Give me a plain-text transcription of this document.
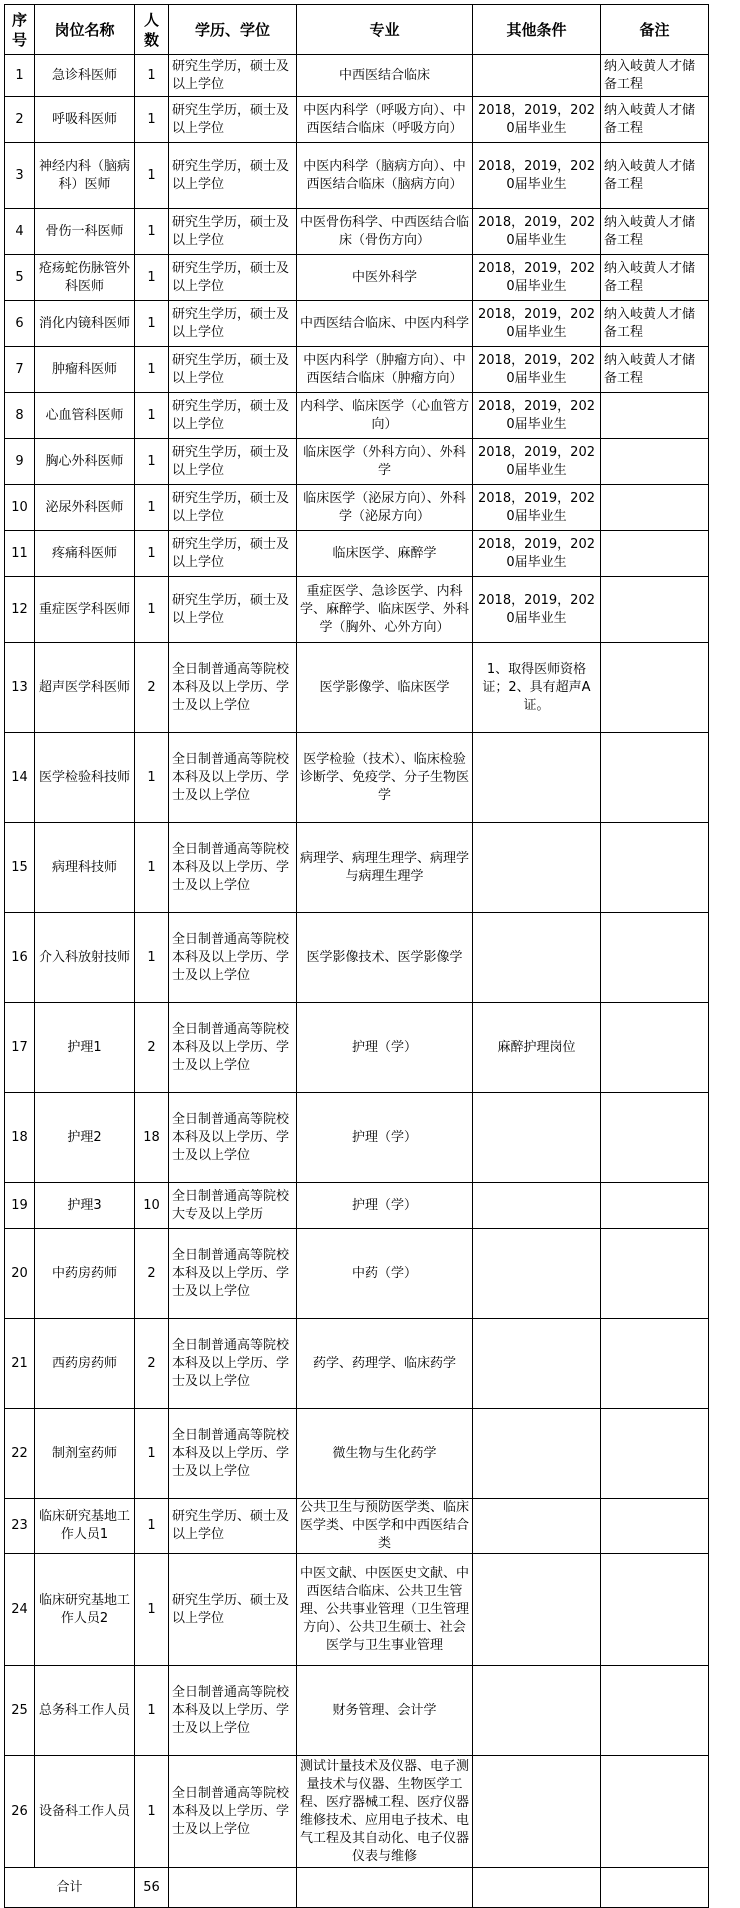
序号	岗位名称	人数	学历、学位	专业	其他条件	备注
1	急诊科医师	1	研究生学历，硕士及以上学位	中西医结合临床		纳入岐黄人才储备工程
2	呼吸科医师	1	研究生学历，硕士及以上学位	中医内科学（呼吸方向）、中西医结合临床（呼吸方向）	2018，2019，2020届毕业生	纳入岐黄人才储备工程
3	神经内科（脑病科）医师	1	研究生学历，硕士及以上学位	中医内科学（脑病方向）、中西医结合临床（脑病方向）	2018，2019，2020届毕业生	纳入岐黄人才储备工程
4	骨伤一科医师	1	研究生学历，硕士及以上学位	中医骨伤科学、中西医结合临床（骨伤方向）	2018，2019，2020届毕业生	纳入岐黄人才储备工程
5	疮疡蛇伤脉管外科医师	1	研究生学历，硕士及以上学位	中医外科学	2018，2019，2020届毕业生	纳入岐黄人才储备工程
6	消化内镜科医师	1	研究生学历，硕士及以上学位	中西医结合临床、中医内科学	2018，2019，2020届毕业生	纳入岐黄人才储备工程
7	肿瘤科医师	1	研究生学历，硕士及以上学位	中医内科学（肿瘤方向）、中西医结合临床（肿瘤方向）	2018，2019，2020届毕业生	纳入岐黄人才储备工程
8	心血管科医师	1	研究生学历，硕士及以上学位	内科学、临床医学（心血管方向）	2018，2019，2020届毕业生	
9	胸心外科医师	1	研究生学历，硕士及以上学位	临床医学（外科方向）、外科学	2018，2019，2020届毕业生	
10	泌尿外科医师	1	研究生学历，硕士及以上学位	临床医学（泌尿方向）、外科学（泌尿方向）	2018，2019，2020届毕业生	
11	疼痛科医师	1	研究生学历，硕士及以上学位	临床医学、麻醉学	2018，2019，2020届毕业生	
12	重症医学科医师	1	研究生学历，硕士及以上学位	重症医学、急诊医学、内科学、麻醉学、临床医学、外科学（胸外、心外方向）	2018，2019，2020届毕业生	
13	超声医学科医师	2	全日制普通高等院校本科及以上学历、学士及以上学位	医学影像学、临床医学	1、取得医师资格证；2、具有超声A证。	
14	医学检验科技师	1	全日制普通高等院校本科及以上学历、学士及以上学位	医学检验（技术）、临床检验诊断学、免疫学、分子生物医学		
15	病理科技师	1	全日制普通高等院校本科及以上学历、学士及以上学位	病理学、病理生理学、病理学与病理生理学		
16	介入科放射技师	1	全日制普通高等院校本科及以上学历、学士及以上学位	医学影像技术、医学影像学		
17	护理1	2	全日制普通高等院校本科及以上学历、学士及以上学位	护理（学）	麻醉护理岗位	
18	护理2	18	全日制普通高等院校本科及以上学历、学士及以上学位	护理（学）		
19	护理3	10	全日制普通高等院校大专及以上学历	护理（学）		
20	中药房药师	2	全日制普通高等院校本科及以上学历、学士及以上学位	中药（学）		
21	西药房药师	2	全日制普通高等院校本科及以上学历、学士及以上学位	药学、药理学、临床药学		
22	制剂室药师	1	全日制普通高等院校本科及以上学历、学士及以上学位	微生物与生化药学		
23	临床研究基地工作人员1	1	研究生学历、硕士及以上学位	公共卫生与预防医学类、临床医学类、中医学和中西医结合类		
24	临床研究基地工作人员2	1	研究生学历、硕士及以上学位	中医文献、中医医史文献、中西医结合临床、公共卫生管理、公共事业管理（卫生管理方向）、公共卫生硕士、社会医学与卫生事业管理		
25	总务科工作人员	1	全日制普通高等院校本科及以上学历、学士及以上学位	财务管理、会计学		
26	设备科工作人员	1	全日制普通高等院校本科及以上学历、学士及以上学位	测试计量技术及仪器、电子测量技术与仪器、生物医学工程、医疗器械工程、医疗仪器维修技术、应用电子技术、电气工程及其自动化、电子仪器仪表与维修		
合计		56				
